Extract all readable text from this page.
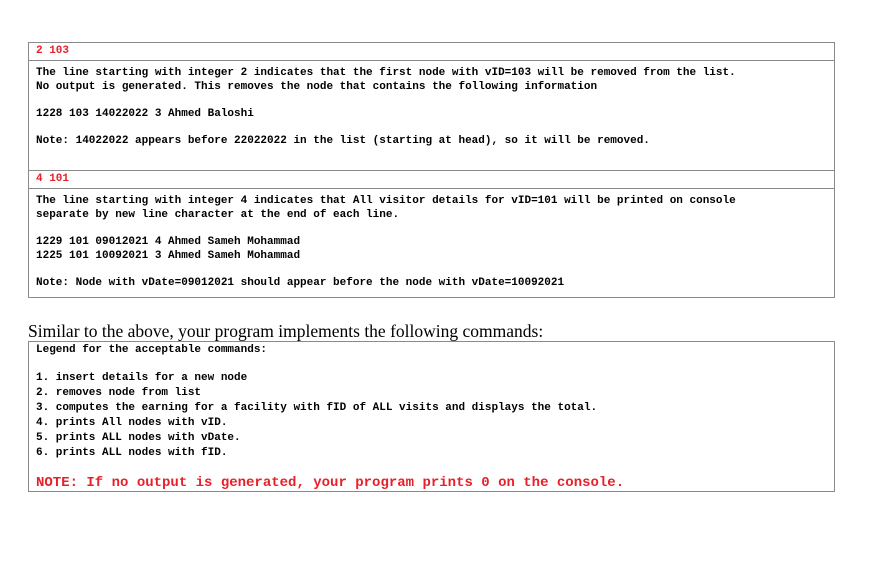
2 103
The line starting with integer 2 indicates that the first node with vID=103 will be removed from the list.
No output is generated. This removes the node that contains the following information
1228 103 14022022 3 Ahmed Baloshi
Note: 14022022 appears before 22022022 in the list (starting at head), so it will be removed.
4 101
The line starting with integer 4 indicates that All visitor details for vID=101 will be printed on console
separate by new line character at the end of each line.
1229 101 09012021 4 Ahmed Sameh Mohammad
1225 101 10092021 3 Ahmed Sameh Mohammad
Note: Node with vDate=09012021 should appear before the node with vDate=10092021
Similar to the above, your program implements the following commands:
Legend for the acceptable commands:
1. insert details for a new node
2. removes node from list
3. computes the earning for a facility with fID of ALL visits and displays the total.
4. prints All nodes with vID.
5. prints ALL nodes with vDate.
6. prints ALL nodes with fID.
NOTE: If no output is generated, your program prints 0 on the console.
